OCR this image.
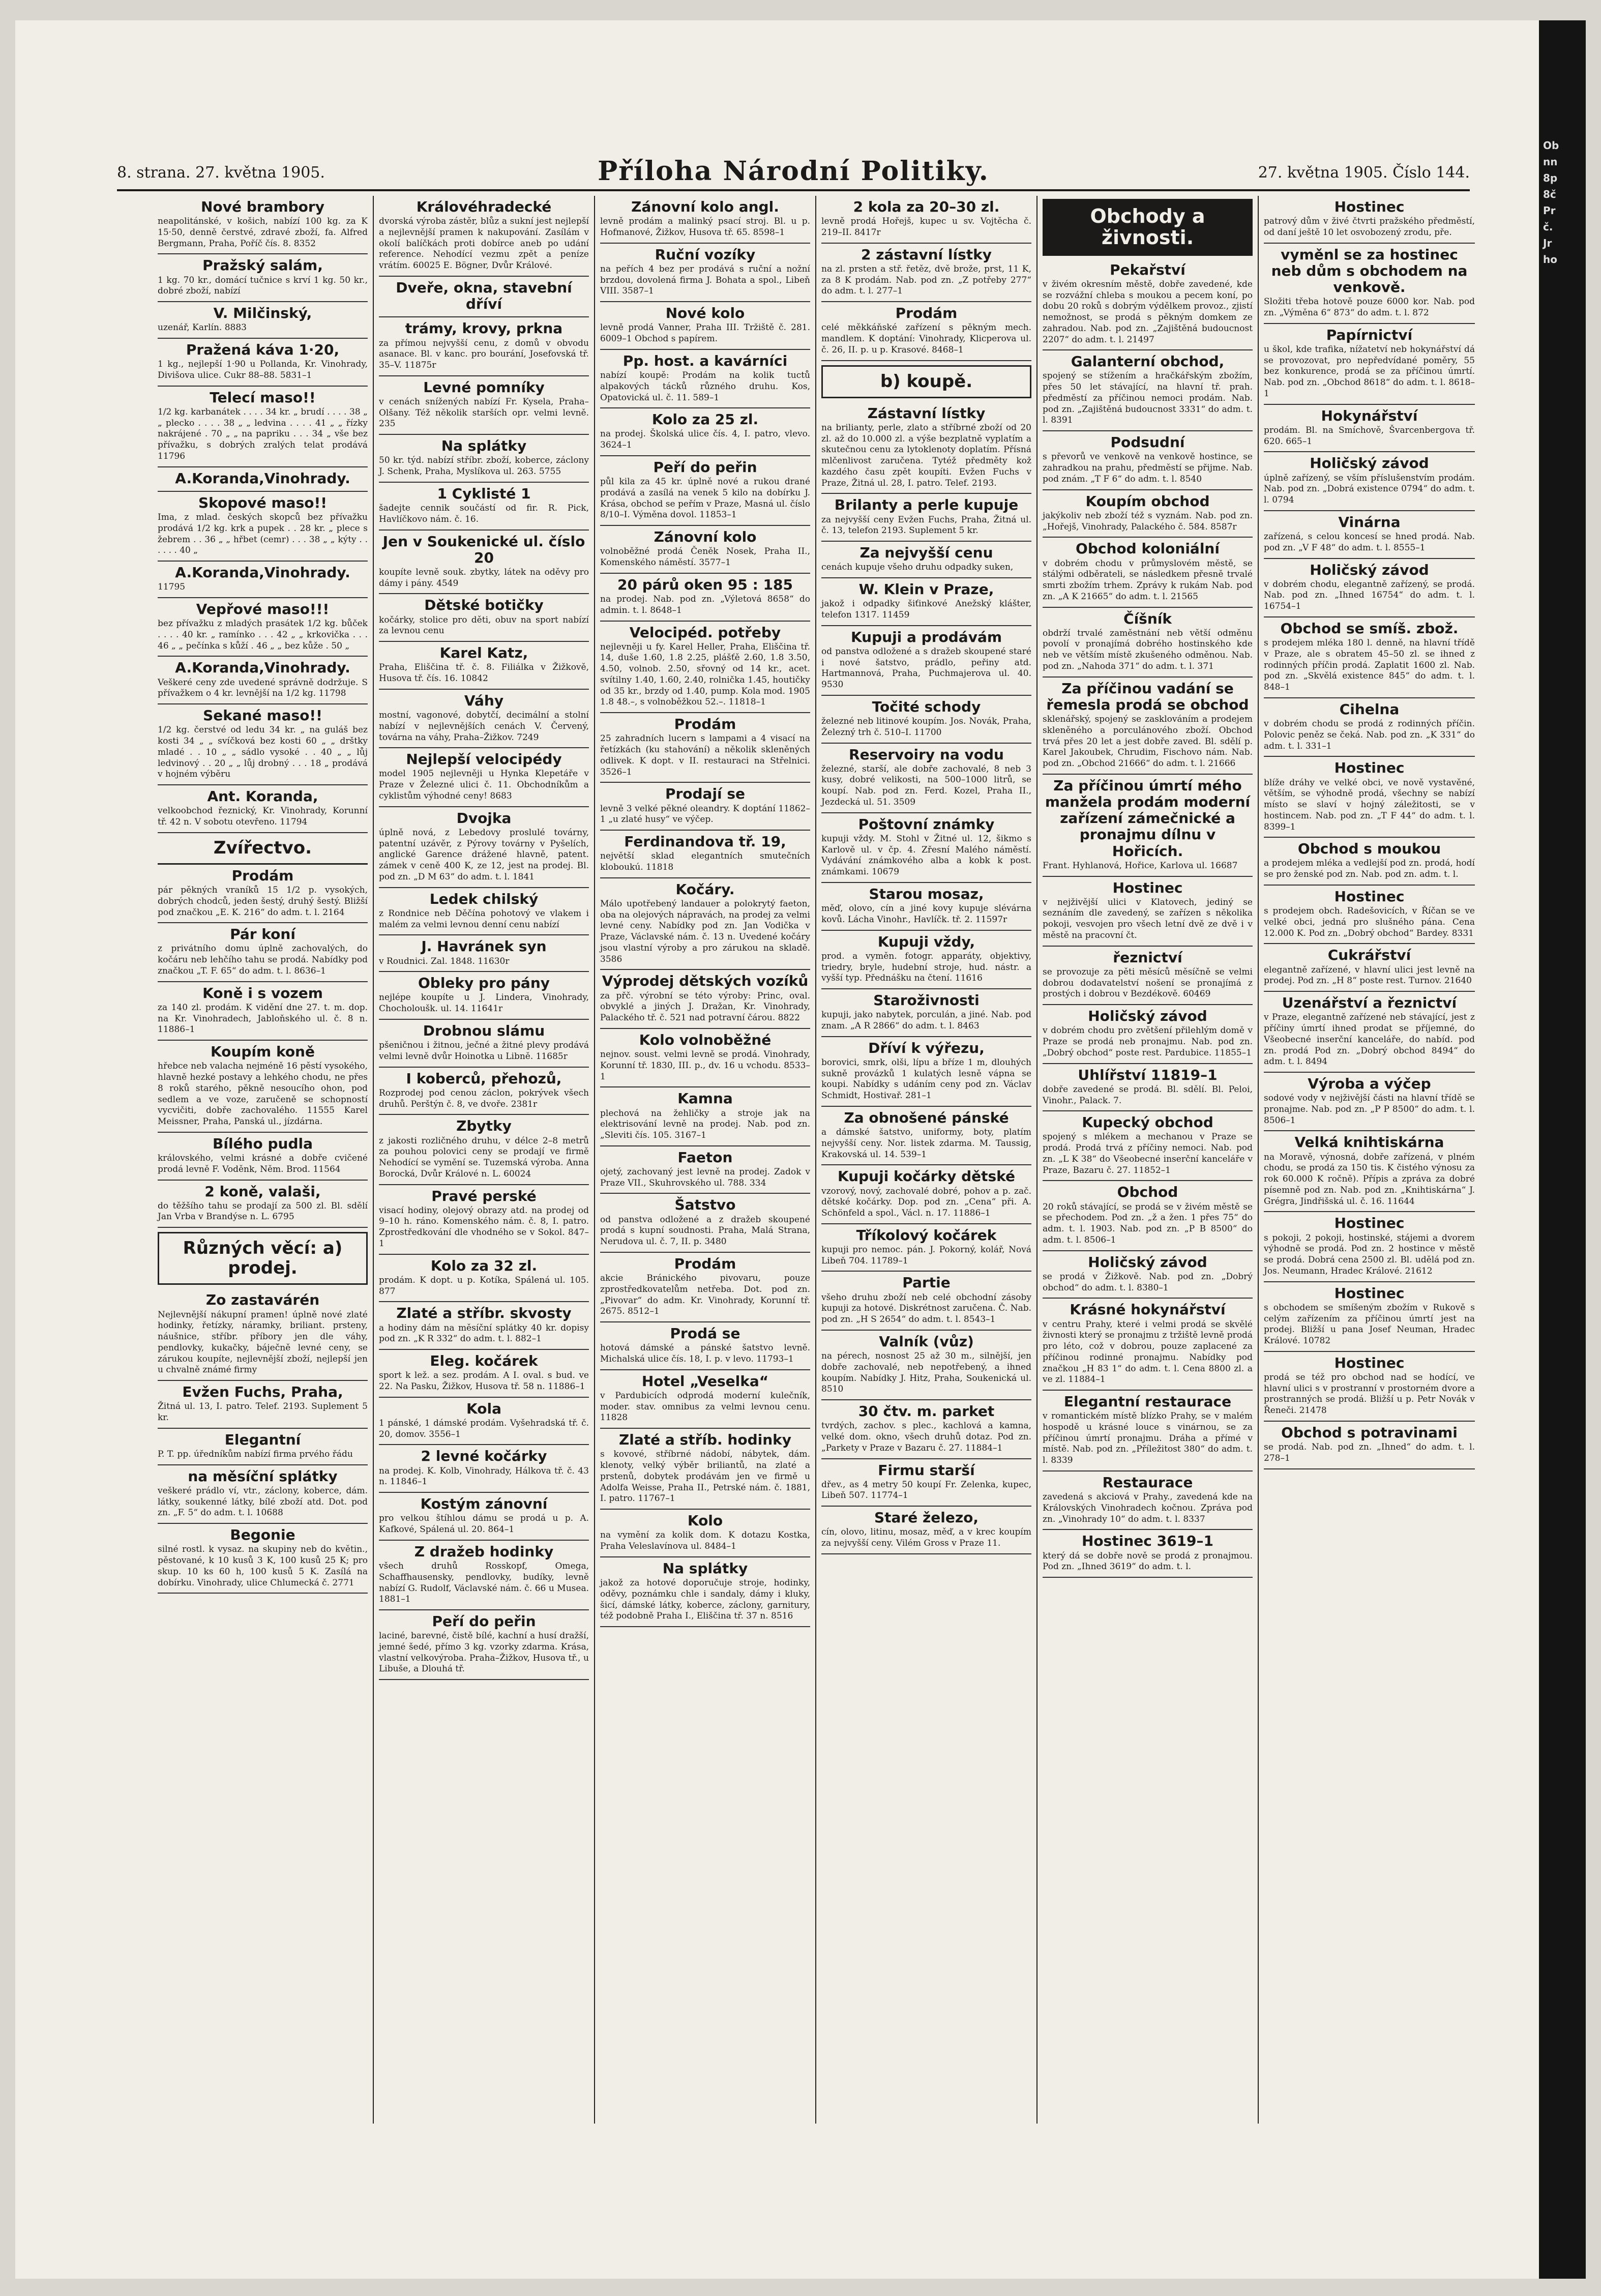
Ob
nn
8p
8č
Pr
č.
Jr
ho
8. strana. 27. května 1905.	Příloha Národní Politiky.	27. května 1905. Číslo 144.
Nové brambory

neapolitánské, v košich, nabízí 100 kg. za K 15·50, denně čerstvé, zdravé zboží, fa. Alfred Bergmann, Praha, Poříč čís. 8. 8352

Pražský salám,

1 kg. 70 kr., domácí tučnice s krví 1 kg. 50 kr., dobré zboží, nabízí

V. Milčinský,

uzenář, Karlín. 8883

Pražená káva 1·20,

1 kg., nejlepší 1·90 u Pollanda, Kr. Vinohrady, Divišova ulice. Cukr 88–88. 5831–1

Telecí maso!!

1/2 kg. karbanátek . . . . 34 kr. „ brudí . . . . 38 „ „ plecko . . . . 38 „ „ ledvina . . . . 41 „ „ řízky nakrájené . 70 „ „ na papriku . . . 34 „ vše bez přívažku, s dobrých zralých telat prodává 11796

A.Koranda,Vinohrady.
Skopové maso!!

Ima, z mlad. českých skopců bez přívažku prodává 1/2 kg. krk a pupek . . 28 kr. „ plece s žebrem . . 36 „ „ hřbet (cemr) . . . 38 „ „ kýty . . . . . . 40 „

A.Koranda,Vinohrady.

11795

Vepřové maso!!!

bez přívažku z mladých prasátek 1/2 kg. bůček . . . . 40 kr. „ ramínko . . . 42 „ „ krkovička . . . 46 „ „ pečínka s kůží . 46 „ „ bez kůže . 50 „

A.Koranda,Vinohrady.

Veškeré ceny zde uvedené správně dodržuje. S přívažkem o 4 kr. levnější na 1/2 kg. 11798

Sekané maso!!

1/2 kg. čerstvé od ledu 34 kr. „ na guláš bez kosti 34 „ „ svíčková bez kosti 60 „ „ drštky mladé . . 10 „ „ sádlo vysoké . . 40 „ „ lůj ledvinový . . 20 „ „ lůj drobný . . . 18 „ prodává v hojném výběru

Ant. Koranda,

velkoobchod řeznický, Kr. Vinohrady, Korunní tř. 42 n. V sobotu otevřeno. 11794

Zvířectvo.
Prodám

pár pěkných vraníků 15 1/2 p. vysokých, dobrých chodců, jeden šestý, druhý šestý. Bližší pod značkou „E. K. 216“ do adm. t. l. 2164

Pár koní

z privátního domu úplně zachovalých, do kočáru neb lehčího tahu se prodá. Nabídky pod značkou „T. F. 65“ do adm. t. l. 8636–1

Koně i s vozem

za 140 zl. prodám. K vidění dne 27. t. m. dop. na Kr. Vinohradech, Jabloňského ul. č. 8 n. 11886–1

Koupím koně

hřebce neb valacha nejméně 16 pěstí vysokého, hlavně hezké postavy a lehkého chodu, ne přes 8 roků starého, pěkně nesoucího ohon, pod sedlem a ve voze, zaručeně se schopností vycvičiti, dobře zachovalého. 11555 Karel Meissner, Praha, Panská ul., jízdárna.

Bílého pudla

královského, velmi krásné a dobře cvičené prodá levně F. Voděnk, Něm. Brod. 11564

2 koně, valaši,

do těžšího tahu se prodají za 500 zl. Bl. sdělí Jan Vrba v Brandýse n. L. 6795

Různých věcí: a) prodej.
Zo zastavárén

Nejlevnější nákupní pramen! úplně nové zlaté hodinky, řetízky, náramky, briliant. prsteny, náušnice, stříbr. příbory jen dle váhy, pendlovky, kukačky, báječně levné ceny, se zárukou koupíte, nejlevnější zboží, nejlepší jen u chvalně známé firmy

Evžen Fuchs, Praha,

Žitná ul. 13, I. patro. Telef. 2193. Suplement 5 kr.

Elegantní

P. T. pp. úředníkům nabízí firma prvého řádu

na měsíční splátky

veškeré prádlo ví, vtr., záclony, koberce, dám. látky, soukenné látky, bílé zboží atd. Dot. pod zn. „F. 5“ do adm. t. l. 10688

Begonie

silné rostl. k vysaz. na skupiny neb do květin., pěstované, k 10 kusů 3 K, 100 kusů 25 K; pro skup. 10 ks 60 h, 100 kusů 5 K. Zasílá na dobírku. Vinohrady, ulice Chlumecká č. 2771

Královéhradecké

dvorská výroba zástěr, blůz a sukní jest nejlepší a nejlevnější pramen k nakupování. Zasílám v okolí balíčkách proti dobírce aneb po udání reference. Nehodící vezmu zpět a peníze vrátím. 60025 E. Bögner, Dvůr Králové.

Dveře, okna, stavební dříví
trámy, krovy, prkna

za přímou nejvyšší cenu, z domů v obvodu asanace. Bl. v kanc. pro bourání, Josefovská tř. 35–V. 11875r

Levné pomníky

v cenách snížených nabízí Fr. Kysela, Praha–Olšany. Též několik starších opr. velmi levně. 235

Na splátky

50 kr. týd. nabízí stříbr. zboží, koberce, záclony J. Schenk, Praha, Myslíkova ul. 263. 5755

1 Cyklisté 1

šadejte cennik součástí od fir. R. Pick, Havlíčkovo nám. č. 16.

Jen v Soukenické ul. číslo 20

koupíte levně souk. zbytky, látek na oděvy pro dámy i pány. 4549

Dětské botičky

kočárky, stolice pro děti, obuv na sport nabízí za levnou cenu

Karel Katz,

Praha, Eliščina tř. č. 8. Filiálka v Žižkově, Husova tř. čís. 16. 10842

Váhy

mostní, vagonové, dobytčí, decimální a stolní nabízí v nejlevnějších cenách V. Červený, továrna na váhy, Praha–Žižkov. 7249

Nejlepší velocipédy

model 1905 nejlevněji u Hynka Klepetáře v Praze v Železné ulici č. 11. Obchodníkům a cyklistům výhodné ceny! 8683

Dvojka

úplně nová, z Lebedovy proslulé továrny, patentní uzávěr, z Pýrovy továrny v Pyšelích, anglické Garence drážené hlavně, patent. zámek v ceně 400 K, ze 12, jest na prodej. Bl. pod zn. „D M 63“ do adm. t. l. 1841

Ledek chilský

z Rondnice neb Děčína pohotový ve vlakem i malém za velmi levnou denní cenu nabízí

J. Havránek syn

v Roudnici. Zal. 1848. 11630r

Obleky pro pány

nejlépe koupíte u J. Lindera, Vinohrady, Chocholoušk. ul. 14. 11641r

Drobnou slámu

pšeničnou i žitnou, ječné a žitné plevy prodává velmi levně dvůr Hoinotka u Libně. 11685r

I koberců, přehozů,

Rozprodej pod cenou záclon, pokrývek všech druhů. Perštýn č. 8, ve dvoře. 2381r

Zbytky

z jakosti rozličného druhu, v délce 2–8 metrů za pouhou polovici ceny se prodají ve firmě Nehodící se vymění se. Tuzemská výroba. Anna Borocká, Dvůr Králové n. L. 60024

Pravé perské

visací hodiny, olejový obrazy atd. na prodej od 9–10 h. ráno. Komenského nám. č. 8, I. patro. Zprostředkování dle vhodného se v Sokol. 847–1

Kolo za 32 zl.

prodám. K dopt. u p. Kotíka, Spálená ul. 105. 877

Zlaté a stříbr. skvosty

a hodiny dám na měsíční splátky 40 kr. dopisy pod zn. „K R 332“ do adm. t. l. 882–1

Eleg. kočárek

sport k lež. a sez. prodám. A I. oval. s bud. ve 22. Na Pasku, Žižkov, Husova tř. 58 n. 11886–1

Kola

1 pánské, 1 dámské prodám. Vyšehradská tř. č. 20, domov. 3556–1

2 levné kočárky

na prodej. K. Kolb, Vinohrady, Hálkova tř. č. 43 n. 11846–1

Kostým zánovní

pro velkou štíhlou dámu se prodá u p. A. Kafkové, Spálená ul. 20. 864–1

Z dražeb hodinky

všech druhů Rosskopf, Omega, Schaffhausensky, pendlovky, budíky, levně nabízí G. Rudolf, Václavské nám. č. 66 u Musea. 1881–1

Peří do peřin

laciné, barevné, čistě bílé, kachní a husí dražší, jemné šedé, přímo 3 kg. vzorky zdarma. Krása, vlastní velkovýroba. Praha–Žižkov, Husova tř., u Libuše, a Dlouhá tř.

Zánovní kolo angl.

levně prodám a malinký psací stroj. Bl. u p. Hofmanové, Žižkov, Husova tř. 65. 8598–1

Ruční vozíky

na peřích 4 bez per prodává s ruční a nožní brzdou, dovolená firma J. Bohata a spol., Libeň VIII. 3587–1

Nové kolo

levně prodá Vanner, Praha III. Tržiště č. 281. 6009–1 Obchod s papírem.

Pp. host. a kavárníci

nabízí koupě: Prodám na kolik tuctů alpakových tácků různého druhu. Kos, Opatovická ul. č. 11. 589–1

Kolo za 25 zl.

na prodej. Školská ulice čís. 4, I. patro, vlevo. 3624–1

Peří do peřin

půl kila za 45 kr. úplně nové a rukou drané prodává a zasílá na venek 5 kilo na dobírku J. Krása, obchod se peřím v Praze, Masná ul. číslo 8/10–I. Výměna dovol. 11853–1

Zánovní kolo

volnoběžné prodá Čeněk Nosek, Praha II., Komenského náměstí. 3577–1

20 párů oken 95 : 185

na prodej. Nab. pod zn. „Výletová 8658“ do admin. t. l. 8648–1

Velocipéd. potřeby

nejlevněji u fy. Karel Heller, Praha, Eliščina tř. 14, duše 1.60, 1.8 2.25, plášťě 2.60, 1.8 3.50, 4.50, volnob. 2.50, sřovný od 14 kr., acet. svítilny 1.40, 1.60, 2.40, rolnička 1.45, houtičky od 35 kr., brzdy od 1.40, pump. Kola mod. 1905 1.8 48.–, s volnoběžkou 52.–. 11818–1

Prodám

25 zahradních lucern s lampami a 4 visací na řetízkách (ku stahování) a několik skleněných odlivek. K dopt. v II. restauraci na Střelnici. 3526–1

Prodají se

levně 3 velké pěkné oleandry. K doptání 11862–1 „u zlaté husy“ ve výčep.

Ferdinandova tř. 19,

největší sklad elegantních smutečních kloboukú. 11818

Kočáry.

Málo upotřebený landauer a polokrytý faeton, oba na olejových nápravách, na prodej za velmi levné ceny. Nabídky pod zn. Jan Vodička v Praze, Václavské nám. č. 13 n. Uvedené kočáry jsou vlastní výroby a pro zárukou na skladě. 3586

Výprodej dětských vozíků

za přč. výrobní se této výroby: Princ, oval. obvyklé a jiných J. Dražan, Kr. Vinohrady, Palackého tř. č. 521 nad potravní čárou. 8822

Kolo volnoběžné

nejnov. soust. velmi levně se prodá. Vinohrady, Korunní tř. 1830, III. p., dv. 16 u vchodu. 8533–1

Kamna

plechová na žehličky a stroje jak na elektrisování levně na prodej. Nab. pod zn. „Sleviti čís. 105. 3167–1

Faeton

ojetý, zachovaný jest levně na prodej. Zadok v Praze VII., Skuhrovského ul. 788. 334

Šatstvo

od panstva odložené a z dražeb skoupené prodá s kupní soudnosti. Praha, Malá Strana, Nerudova ul. č. 7, II. p. 3480

Prodám

akcie Bránického pivovaru, pouze zprostředkovatelům netřeba. Dot. pod zn. „Pivovar“ do adm. Kr. Vinohrady, Korunní tř. 2675. 8512–1

Prodá se

hotová dámské a pánské šatstvo levně. Michalská ulice čís. 18, I. p. v levo. 11793–1

Hotel „Veselka“

v Pardubicích odprodá moderní kulečník, moder. stav. omnibus za velmi levnou cenu. 11828

Zlaté a stříb. hodinky

s kovové, stříbrné nádobí, nábytek, dám. klenoty, velký výběr briliantů, na zlaté a prstenů, dobytek prodávám jen ve firmě u Adolfa Weisse, Praha II., Petrské nám. č. 1881, I. patro. 11767–1

Kolo

na vymění za kolik dom. K dotazu Kostka, Praha Veleslavínova ul. 8484–1

Na splátky

jakož za hotové doporučuje stroje, hodinky, oděvy, poznámku chle i sandaly, dámy i kluky, šicí, dámské látky, koberce, záclony, garnitury, též podobně Praha I., Eliščina tř. 37 n. 8516

2 kola za 20–30 zl.

levně prodá Hořejš, kupec u sv. Vojtěcha č. 219–II. 8417r

2 zástavní lístky

na zl. prsten a stř. řetěz, dvě brože, prst, 11 K, za 8 K prodám. Nab. pod zn. „Z potřeby 277“ do adm. t. l. 277–1

Prodám

celé měkkáňské zařízení s pěkným mech. mandlem. K doptání: Vinohrady, Klicperova ul. č. 26, II. p. u p. Krasové. 8468–1

b) koupě.
Zástavní lístky

na brilianty, perle, zlato a stříbrné zboží od 20 zl. až do 10.000 zl. a výše bezplatně vyplatím a skutečnou cenu za lytoklenoty doplatím. Přísná mlčenlivost zaručena. Tytéž předměty kož kazdého času zpět koupíti. Evžen Fuchs v Praze, Žitná ul. 28, I. patro. Telef. 2193.

Brilanty a perle kupuje

za nejvyšší ceny Evžen Fuchs, Praha, Žitná ul. č. 13, telefon 2193. Suplement 5 kr.

Za nejvyšší cenu

cenách kupuje všeho druhu odpadky suken,

W. Klein v Praze,

jakož i odpadky šiťinkové Anežský klášter, telefon 1317. 11459

Kupuji a prodávám

od panstva odložené a s dražeb skoupené staré i nové šatstvo, prádlo, peřiny atd. Hartmannová, Praha, Puchmajerova ul. 40. 9530

Točité schody

železné neb litinové koupím. Jos. Novák, Praha, Železný trh č. 510–I. 11700

Reservoiry na vodu

železné, starší, ale dobře zachovalé, 8 neb 3 kusy, dobré velikosti, na 500–1000 litrů, se koupí. Nab. pod zn. Ferd. Kozel, Praha II., Jezdecká ul. 51. 3509

Poštovní známky

kupuji vždy. M. Stohl v Žitné ul. 12, šikmo s Karlově ul. v čp. 4. Zřesní Malého náměstí. Vydávání známkového alba a kobk k post. známkami. 10679

Starou mosaz,

měď, olovo, cín a jiné kovy kupuje slévárna kovů. Lácha Vinohr., Havlíčk. tř. 2. 11597r

Kupuji vždy,

prod. a vyměn. fotogr. apparáty, objektivy, triedry, bryle, hudební stroje, hud. nástr. a vyšší typ. Přednášku na čtení. 11616

Staroživnosti

kupuji, jako nabytek, porculán, a jiné. Nab. pod znam. „A R 2866“ do adm. t. l. 8463

Dříví k výřezu,

borovici, smrk, olši, lípu a bříze 1 m, dlouhých sukně provázků 1 kulatých lesně vápna se koupi. Nabídky s udáním ceny pod zn. Václav Schmidt, Hostivař. 281–1

Za obnošené pánské

a dámské šatstvo, uniformy, boty, platím nejvyšší ceny. Nor. listek zdarma. M. Taussig, Krakovská ul. 14. 539–1

Kupuji kočárky dětské

vzorový, nový, zachovalé dobré, pohov a p. zač. dětské kočárky. Dop. pod zn. „Cena“ při. A. Schönfeld a spol., Václ. n. 17. 11886–1

Tříkolový kočárek

kupuji pro nemoc. pán. J. Pokorný, kolář, Nová Libeň 704. 11789–1

Partie

všeho druhu zboží neb celé obchodní zásoby kupuji za hotové. Diskrétnost zaručena. Č. Nab. pod zn. „H S 2654“ do adm. t. l. 8543–1

Valník (vůz)

na pérech, nosnost 25 až 30 m., silnější, jen dobře zachovalé, neb nepotřebený, a ihned koupím. Nabídky J. Hitz, Praha, Soukenická ul. 8510

30 čtv. m. parket

tvrdých, zachov. s plec., kachlová a kamna, velké dom. okno, všech druhů dotaz. Pod zn. „Parkety v Praze v Bazaru č. 27. 11884–1

Firmu starší

dřev., as 4 metry 50 koupí Fr. Zelenka, kupec, Libeň 507. 11774–1

Staré železo,

cín, olovo, litinu, mosaz, měď, a v krec koupím za nejvyšší ceny. Vilém Gross v Praze 11.

Obchody a živnosti.
Pekařství

v živém okresním městě, dobře zavedené, kde se rozvážní chleba s moukou a pecem koní, po dobu 20 roků s dobrým výdělkem provoz., zjistí nemožnost, se prodá s pěkným domkem ze zahradou. Nab. pod zn. „Zajištěná budoucnost 2207“ do adm. t. l. 21497

Galanterní obchod,

spojený se stížením a hračkářským zbožím, přes 50 let stávající, na hlavní tř. prah. předměstí za příčinou nemoci prodám. Nab. pod zn. „Zajištěná budoucnost 3331“ do adm. t. l. 8391

Podsudní

s převorů ve venkově na venkově hostince, se zahradkou na prahu, předměstí se přijme. Nab. pod znám. „T F 6“ do adm. t. l. 8540

Koupím obchod

jakýkoliv neb zboží též s vyznám. Nab. pod zn. „Hořejš, Vinohrady, Palackého č. 584. 8587r

Obchod koloniální

v dobrém chodu v průmyslovém městě, se stálými odběrateli, se následkem přesně trvalé smrti zbožím trhem. Zprávy k rukám Nab. pod zn. „A K 21665“ do adm. t. l. 21565

Číšník

obdrží trvalé zaměstnání neb větší odměnu povolí v pronajímá dobrého hostinského kde neb ve větším místě zkušeného odměnou. Nab. pod zn. „Nahoda 371“ do adm. t. l. 371

Za příčinou vadání se řemesla prodá se obchod

sklenářský, spojený se zasklováním a prodejem skleněného a porculánového zboží. Obchod trvá přes 20 let a jest dobře zaved. Bl. sdělí p. Karel Jakoubek, Chrudim, Fischovo nám. Nab. pod zn. „Obchod 21666“ do adm. t. l. 21666

Za příčinou úmrtí mého manžela prodám moderní zařízení zámečnické a pronajmu dílnu v Hořicích.

Frant. Hyhlanová, Hořice, Karlova ul. 16687

Hostinec

v nejživější ulici v Klatovech, jediný se seznáním dle zavedený, se zařízen s několika pokoji, vesvojen pro všech letní dvě ze dvě i v městě na pracovní čt.

řeznictví

se provozuje za pěti měsíců měsíčně se velmi dobrou dodavatelství nošení se pronajímá z prostých i dobrou v Bezdékově. 60469

Holičský závod

v dobrém chodu pro zvětšení přilehlým domě v Praze se prodá neb pronajmu. Nab. pod zn. „Dobrý obchod“ poste rest. Pardubice. 11855–1

Uhlířství 11819–1

dobře zavedené se prodá. Bl. sdělí. Bl. Peloi, Vinohr., Palack. 7.

Kupecký obchod

spojený s mlékem a mechanou v Praze se prodá. Prodá trvá z příčiny nemoci. Nab. pod zn. „L K 38“ do Všeobecné inserční kanceláře v Praze, Bazaru č. 27. 11852–1

Obchod

20 roků stávající, se prodá se v živém městě se se přechodem. Pod zn. „ž a žen. 1 přes 75“ do adm. t. l. 1903. Nab. pod zn. „P B 8500“ do adm. t. l. 8506–1

Holičský závod

se prodá v Žižkově. Nab. pod zn. „Dobrý obchod“ do adm. t. l. 8380–1

Krásné hokynářství

v centru Prahy, které i velmi prodá se skvělé živnosti který se pronajmu z tržiště levně prodá pro léto, což v dobrou, pouze zaplacené za příčinou rodinné pronajmu. Nabídky pod značkou „H 83 1“ do adm. t. l. Cena 8800 zl. a ve zl. 11884–1

Elegantní restaurace

v romantickém místě blízko Prahy, se v malém hospodě u krásné louce s vinárnou, se za příčinou úmrtí pronajmu. Dráha a přímé v místě. Nab. pod zn. „Příležitost 380“ do adm. t. l. 8339

Restaurace

zavedená s akciová v Prahy., zavedená kde na Královských Vinohradech kočnou. Zpráva pod zn. „Vinohrady 10“ do adm. t. l. 8337

Hostinec 3619–1

který dá se dobře nově se prodá z pronajmou. Pod zn. „Ihned 3619“ do adm. t. l.

Hostinec

patrový dům v živé čtvrti pražského předměstí, od daní ještě 10 let osvobozený zrodu, pře.

vyměnl se za hostinec neb dům s obchodem na venkově.

Složiti třeba hotově pouze 6000 kor. Nab. pod zn. „Výměna 6“ 873“ do adm. t. l. 872

Papírnictví

u škol, kde trafika, nížatetví neb hokynářství dá se provozovat, pro nepředvídané poměry, 55 bez konkurence, prodá se za příčinou úmrtí. Nab. pod zn. „Obchod 8618“ do adm. t. l. 8618–1

Hokynářství

prodám. Bl. na Smíchově, Švarcenbergova tř. 620. 665–1

Holičský závod

úplně zařízený, se vším příslušenstvím prodám. Nab. pod zn. „Dobrá existence 0794“ do adm. t. l. 0794

Vinárna

zařízená, s celou koncesí se hned prodá. Nab. pod zn. „V F 48“ do adm. t. l. 8555–1

Holičský závod

v dobrém chodu, elegantně zařízený, se prodá. Nab. pod zn. „Ihned 16754“ do adm. t. l. 16754–1

Obchod se smíš. zbož.

s prodejem mléka 180 l. denně, na hlavní třídě v Praze, ale s obratem 45–50 zl. se ihned z rodinných příčin prodá. Zaplatit 1600 zl. Nab. pod zn. „Skvělá existence 845“ do adm. t. l. 848–1

Cihelna

v dobrém chodu se prodá z rodinných příčin. Polovic peněz se čeká. Nab. pod zn. „K 331“ do adm. t. l. 331–1

Hostinec

blíže dráhy ve velké obci, ve nově vystavěné, větším, se výhodně prodá, všechny se nabízí místo se slaví v hojný záležitosti, se v hostincem. Nab. pod zn. „T F 44“ do adm. t. l. 8399–1

Obchod s moukou

a prodejem mléka a vedlejší pod zn. prodá, hodí se pro ženské pod zn. Nab. pod zn. adm. t. l.

Hostinec

s prodejem obch. Radešovicích, v Říčan se ve velké obci, jedná pro slušného pána. Cena 12.000 K. Pod zn. „Dobrý obchod“ Bardey. 8331

Cukrářství

elegantně zařízené, v hlavní ulici jest levně na prodej. Pod zn. „H 8“ poste rest. Turnov. 21640

Uzenářství a řeznictví

v Praze, elegantně zařízené neb stávající, jest z příčiny úmrtí ihned prodat se příjemné, do Všeobecné inserční kanceláře, do nabíd. pod zn. prodá Pod zn. „Dobrý obchod 8494“ do adm. t. l. 8494

Výroba a výčep

sodové vody v nejživější části na hlavní třídě se pronajme. Nab. pod zn. „P P 8500“ do adm. t. l. 8506–1

Velká knihtiskárna

na Moravě, výnosná, dobře zařízená, v plném chodu, se prodá za 150 tis. K čistého výnosu za rok 60.000 K ročně). Přípis a zpráva za dobré písemně pod zn. Nab. pod zn. „Knihtiskárna“ J. Grégra, Jindřišská ul. č. 16. 11644

Hostinec

s pokoji, 2 pokoji, hostinské, stájemi a dvorem výhodně se prodá. Pod zn. 2 hostince v městě se prodá. Dobrá cena 2500 zl. Bl. udělá pod zn. Jos. Neumann, Hradec Králové. 21612

Hostinec

s obchodem se smíšeným zbožím v Rukově s celým zařízením za příčinou úmrtí jest na prodej. Bližší u pana Josef Neuman, Hradec Králové. 10782

Hostinec

prodá se též pro obchod nad se hodící, ve hlavní ulici s v prostranní v prostorném dvore a prostranných se prodá. Bližší u p. Petr Novák v Řeneči. 21478

Obchod s potravinami

se prodá. Nab. pod zn. „Ihned“ do adm. t. l. 278–1
